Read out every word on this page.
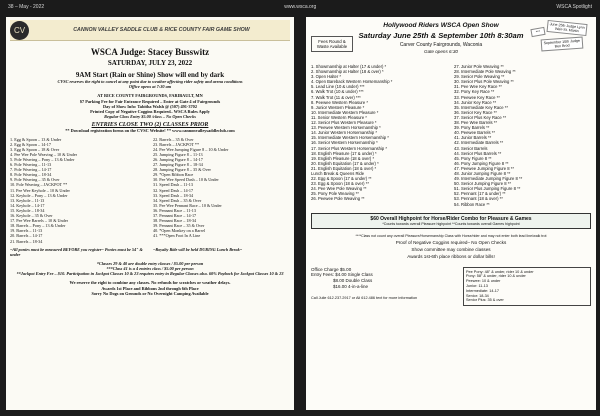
38 – May - 2022	www.wsca.org	WSCA Spotlight
CV	CANNON VALLEY SADDLE CLUB & RICE COUNTY FAIR GAME SHOW
WSCA Judge: Stacey Busswitz
SATURDAY, JULY 23, 2022
9AM Start (Rain or Shine) Show will end by dark
CVSC reserves the right to cancel at any point due to weather affecting rider safety and arena conditions
Office opens at 7:30 am
AT RICE COUNTY FAIRGROUNDS, FARIBAULT, MN
$7 Parking Fee for Fair Entrance Required – Enter at Gate 4 of Fairgrounds
Day of Show Info: Tabitha Walsh @ (507) 491-3702
Printed Copy of Negative Coggins Required– WSCA Rules Apply
Regular Class Entry $5.00 /class – No Open Checks
ENTRIES CLOSE TWO (2) CLASSES PRIOR
** Download registration forms on the CVSC Website! ** www.cannonvalleysaddleclub.com
1. Egg & Spoon – 13 & Under
2. Egg & Spoon – 14-17
3. Egg & Spoon – 18 & Over
4. Pee Wee Pole Weaving – 10 & Under
5. Pole Weaving – Pony – 13 & Under
6. Pole Weaving – 11-13
7. Pole Weaving – 14-17
8. Pole Weaving – 18-34
9. Pole Weaving – 35 & Over
10. Pole Weaving – JACKPOT **
11. Pee Wee Keyhole – 10 & Under
12. Keyhole – Pony – 13 & Under
13. Keyhole – 11-13
14. Keyhole – 14-17
15. Keyhole – 18-34
16. Keyhole – 35 & Over
17. Pee Wee Barrels – 10 & Under
18. Barrels – Pony – 13 & Under
19. Barrels – 11-13
20. Barrels – 14-17
21. Barrels – 18-34
22. Barrels – 35 & Over
23. Barrels – JACKPOT **
24. Pee Wee Jumping Figure 8 – 10 & Under
25. Jumping Figure 8 – 11-13
26. Jumping Figure 8 – 14-17
27. Jumping Figure 8 – 18-34
28. Jumping Figure 8 – 35 & Over
29. *Open Ribbon Race
30. Pee Wee Speed Dash – 10 & Under
31. Speed Dash – 11-13
32. Speed Dash – 14-17
33. Speed Dash – 18-34
34. Speed Dash – 35 & Over
35. Pee Wee Pennant Race – 10 & Under
36. Pennant Race – 11-13
37. Pennant Race – 14-17
38. Pennant Race – 18-34
39. Pennant Race – 35 & Over
40. *Open Monkey on a Barrel
41. ***Open Foot In A Line
~All ponies must be measured BEFORE you register~ Ponies must be 54" & under
~Royalty Ride will be held DURING Lunch Break~
*Classes 29 & 40 are double entry classes / $5.00 per person
***Class 41 is a 4 entries class / $5.00 per person
**Jackpot Entry Fee – $10. Participation in Jackpot Classes 10 & 23 requires entry in Regular Classes also. 60% Payback for Jackpot Classes 10 & 23
We reserve the right to combine any classes. No refunds for scratches or weather delays.
Awards 1st Place and Ribbons 2nd through 6th Place
Sorry No Dogs on Grounds or No Overnight Camping Available
Fees Round & Waste Available
Hollywood Riders WSCA Open Show
Saturday June 25th & September 10th 8:30am
Carver County Fairgrounds, Waconia
Gate opens 6:30
June 25th Judge Lynn Weir-St. Martin
September 10th Judge Ben Brod
***
1. Showmanship at Halter (17 & under) *
2. Showmanship at Halter (18 & over) *
3. Open Halter *
4. Open Bareback Western Horsemanship *
5. Lead Line (10 & under) ***
6. Walk Trot (10 & under) ***
7. Walk Trot (11 & over) ***
8. Peewee Western Pleasure *
9. Junior Western Pleasure *
10. Intermediate Western Pleasure *
11. Senior Western Pleasure *
12. Senior Plus Western Pleasure *
13. Peewee Western Horsemanship *
14. Junior Western Horsemanship *
15. Intermediate Western Horsemanship *
16. Senior Western Horsemanship *
17. Senior Plus Western Horsemanship *
18. English Pleasure (17 & under) *
19. English Pleasure (18 & over) *
20. English Equitation (17 & under) *
21. English Equitation (18 & over) *
Lunch Break & Queens Ride
22. Egg & Spoon (17 & under) **
23. Egg & Spoon (18 & over) **
24. Pee Wee Pole Weaving **
25. Pony Pole Weaving **
26. Peewee Pole Weaving **
27. Junior Pole Weaving **
28. Intermediate Pole Weaving **
29. Senior Pole Weaving **
30. Senior Plus Pole Weaving **
31. Pee Wee Key Race **
32. Pony Key Race **
33. Peewee Key Race **
34. Junior Key Race **
35. Intermediate Key Race **
36. Senior Key Race **
37. Senior Plus Key Race **
38. Pee Wee Barrels **
39. Pony Barrels **
40. Peewee Barrels **
41. Junior Barrels **
42. Intermediate Barrels **
43. Senior Barrels
44. Senior Plus Barrels **
45. Pony Figure 8 **
46. Pony Jumping Figure 8 **
47. Peewee Jumping Figure 8 **
48. Junior Jumping Figure 8 **
49. Intermediate Jumping Figure 8 **
50. Senior Jumping Figure 8 **
51. Senior Plus Jumping Figure 8 **
52. Pennant (17 & under) **
53. Pennant (18 & over) **
54. Ribbon Race **
$60 Overall Highpoint for Horse/Rider Combo for Pleasure & Games
*Counts towards overall Pleasure highpoint **Counts towards overall Games highpoint
****Class not count any overall Pleasure/Horsemanship Class with Horse/rider and may not enter both lead line/walk trot
Proof of Negative Coggins required– No Open Checks
Show committee may combine classes
Awards 1st-6th place ribbons or dollar bills!
Office Charge $5.00
Entry Fees: $4.00 Single Class
$8.00 Double Class
$16.00 4-in-a-line
Call Julie 612.237.2917 or Ali 612.486 text for more information
Pee Pony: 48" & under, rider 10 & under
Pony: 58" & under, rider 10 & under
Peewee: 10 & under
Junior: 11-13
Intermediate: 14-17
Senior: 18-34
Senior Plus: 35 & over
